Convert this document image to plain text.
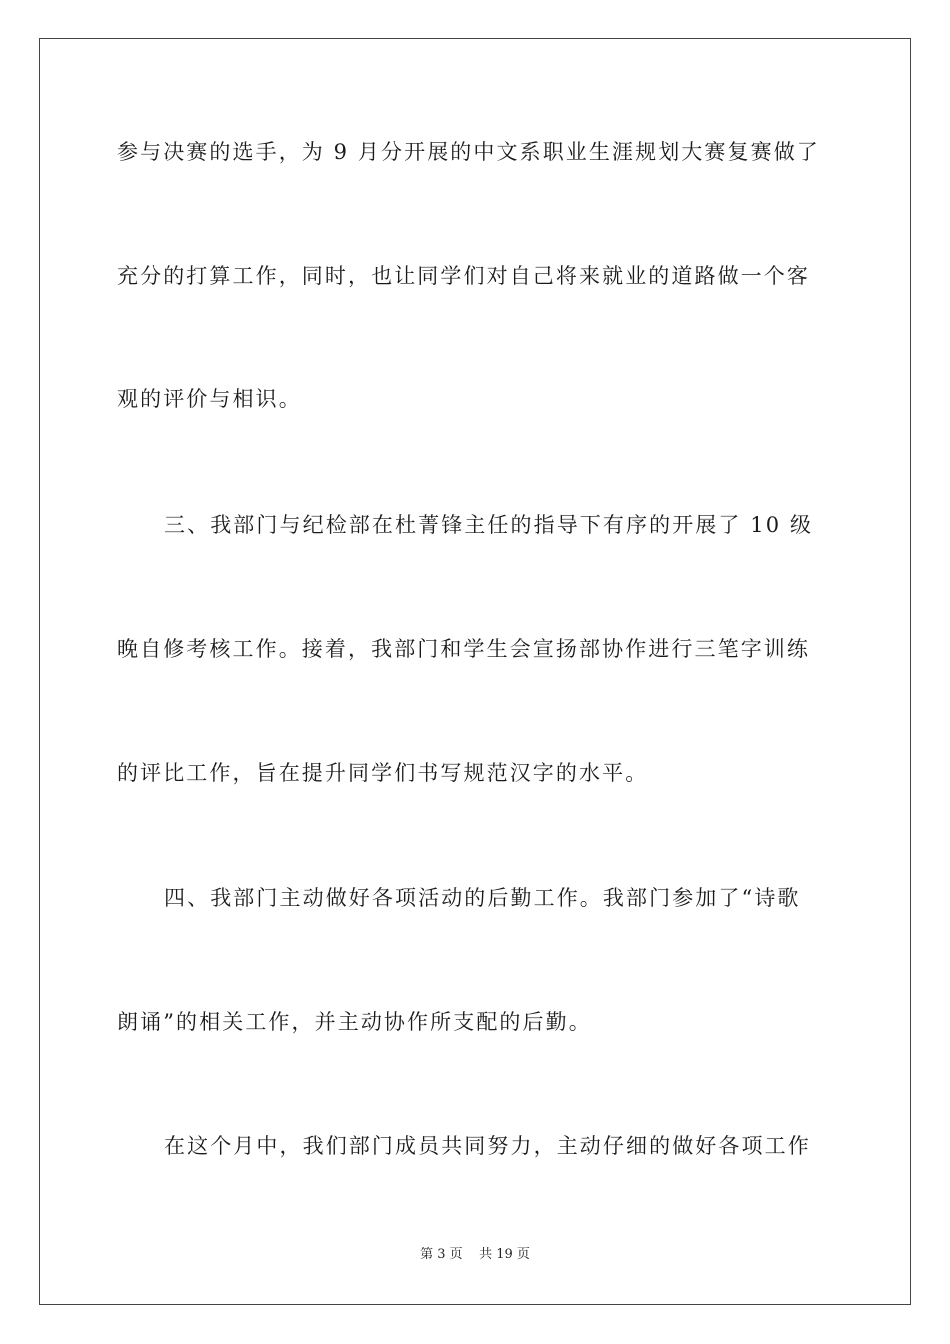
参与决赛的选手，为 9 月分开展的中文系职业生涯规划大赛复赛做了
充分的打算工作，同时，也让同学们对自己将来就业的道路做一个客
观的评价与相识。
三、我部门与纪检部在杜菁锋主任的指导下有序的开展了 10 级
晚自修考核工作。接着，我部门和学生会宣扬部协作进行三笔字训练
的评比工作，旨在提升同学们书写规范汉字的水平。
四、我部门主动做好各项活动的后勤工作。我部门参加了“诗歌
朗诵”的相关工作，并主动协作所支配的后勤。
在这个月中，我们部门成员共同努力，主动仔细的做好各项工作
第 3 页    共 19 页
